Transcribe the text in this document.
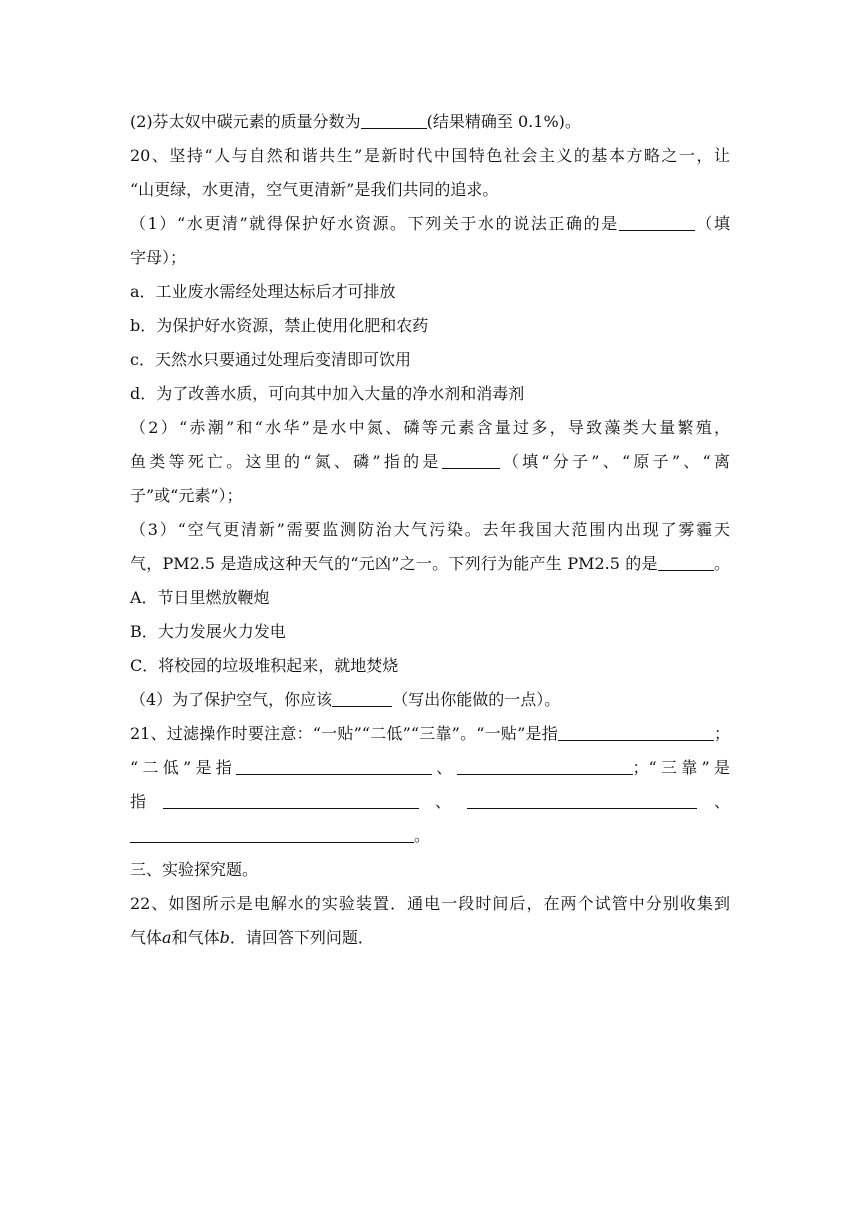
(2)芬太奴中碳元素的质量分数为	(结果精确至 0.1%)。
20、坚持“人与自然和谐共生”是新时代中国特色社会主义的基本方略之一，让
“山更绿，水更清，空气更清新”是我们共同的追求。
（1）“水更清”就得保护好水资源。下列关于水的说法正确的是	（填
字母）；
a．工业废水需经处理达标后才可排放
b．为保护好水资源，禁止使用化肥和农药
c．天然水只要通过处理后变清即可饮用
d．为了改善水质，可向其中加入大量的净水剂和消毒剂
（2）“赤潮”和“水华”是水中氮、磷等元素含量过多，导致藻类大量繁殖，
鱼类等死亡。这里的“氮、磷”指的是	（填“分子”、“原子”、“离
子”或“元素”）；
（3）“空气更清新”需要监测防治大气污染。去年我国大范围内出现了雾霾天
气，PM2.5 是造成这种天气的“元凶”之一。下列行为能产生 PM2.5 的是	。
A．节日里燃放鞭炮
B．大力发展火力发电
C．将校园的垃圾堆积起来，就地焚烧
（4）为了保护空气，你应该	（写出你能做的一点）。
21、过滤操作时要注意：“一贴”“二低”“三靠”。“一贴”是指	；
“二低”是指	、	；“三靠”是
指	、	、
。
三、实验探究题。
22、如图所示是电解水的实验装置．通电一段时间后，在两个试管中分别收集到
气体a和气体b．请回答下列问题．
